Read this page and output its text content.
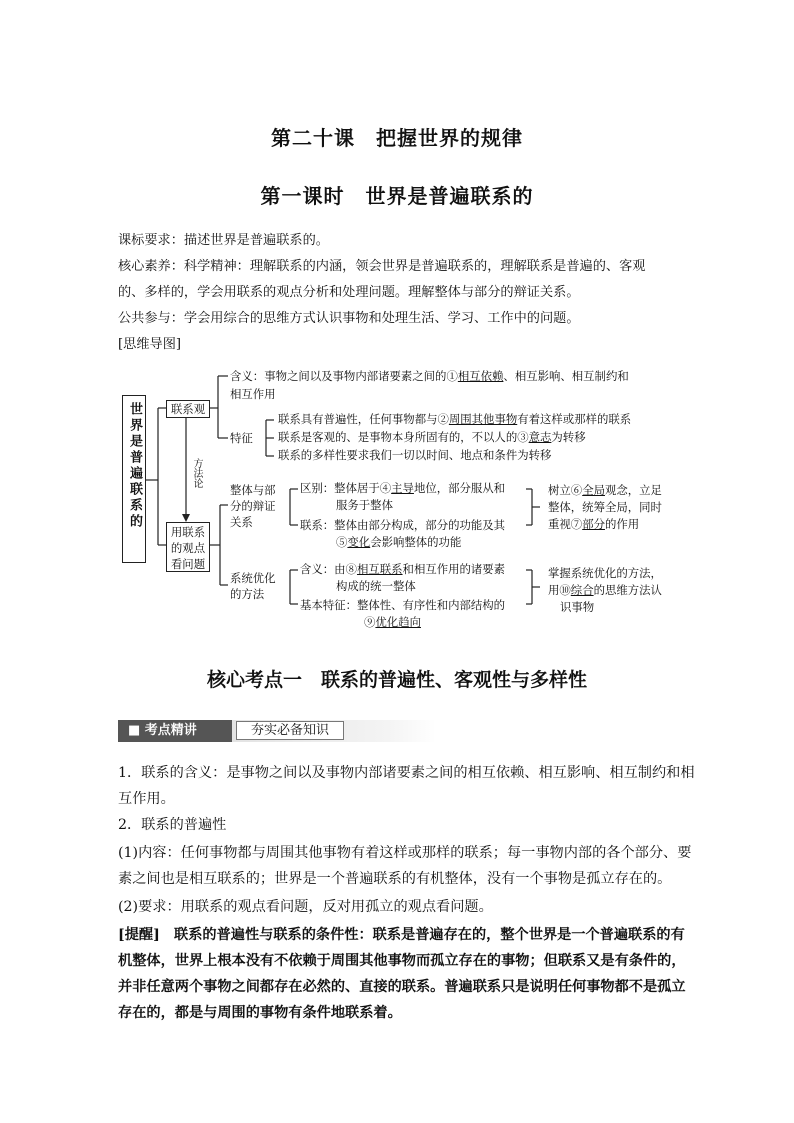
第二十课　把握世界的规律
第一课时　世界是普遍联系的
课标要求：描述世界是普遍联系的。
核心素养：科学精神：理解联系的内涵，领会世界是普遍联系的，理解联系是普遍的、客观
的、多样的，学会用联系的观点分析和处理问题。理解整体与部分的辩证关系。
公共参与：学会用综合的思维方式认识事物和处理生活、学习、工作中的问题。
[思维导图]
世界是普遍联系的	联系观
方法论
用联系的观点看问题
含义：事物之间以及事物内部诸要素之间的①相互依赖、相互影响、相互制约和
相互作用
特征
联系具有普遍性，任何事物都与②周围其他事物有着这样或那样的联系
联系是客观的、是事物本身所固有的，不以人的③意志为转移
联系的多样性要求我们一切以时间、地点和条件为转移
整体与部分的辩证关系
区别：整体居于④主导地位，部分服从和
服务于整体
联系：整体由部分构成，部分的功能及其
⑤变化会影响整体的功能
树立⑥全局观念，立足
整体，统筹全局，同时
重视⑦部分的作用
系统优化的方法
含义：由⑧相互联系和相互作用的诸要素
构成的统一整体
基本特征：整体性、有序性和内部结构的
⑨优化趋向
掌握系统优化的方法，
用⑩综合的思维方法认
识事物
核心考点一　联系的普遍性、客观性与多样性
■ 考点精讲	夯实必备知识
1．联系的含义：是事物之间以及事物内部诸要素之间的相互依赖、相互影响、相互制约和相
互作用。
2．联系的普遍性
(1)内容：任何事物都与周围其他事物有着这样或那样的联系；每一事物内部的各个部分、要
素之间也是相互联系的；世界是一个普遍联系的有机整体，没有一个事物是孤立存在的。
(2)要求：用联系的观点看问题，反对用孤立的观点看问题。
[提醒]　联系的普遍性与联系的条件性：联系是普遍存在的，整个世界是一个普遍联系的有
机整体，世界上根本没有不依赖于周围其他事物而孤立存在的事物；但联系又是有条件的，
并非任意两个事物之间都存在必然的、直接的联系。普遍联系只是说明任何事物都不是孤立
存在的，都是与周围的事物有条件地联系着。
